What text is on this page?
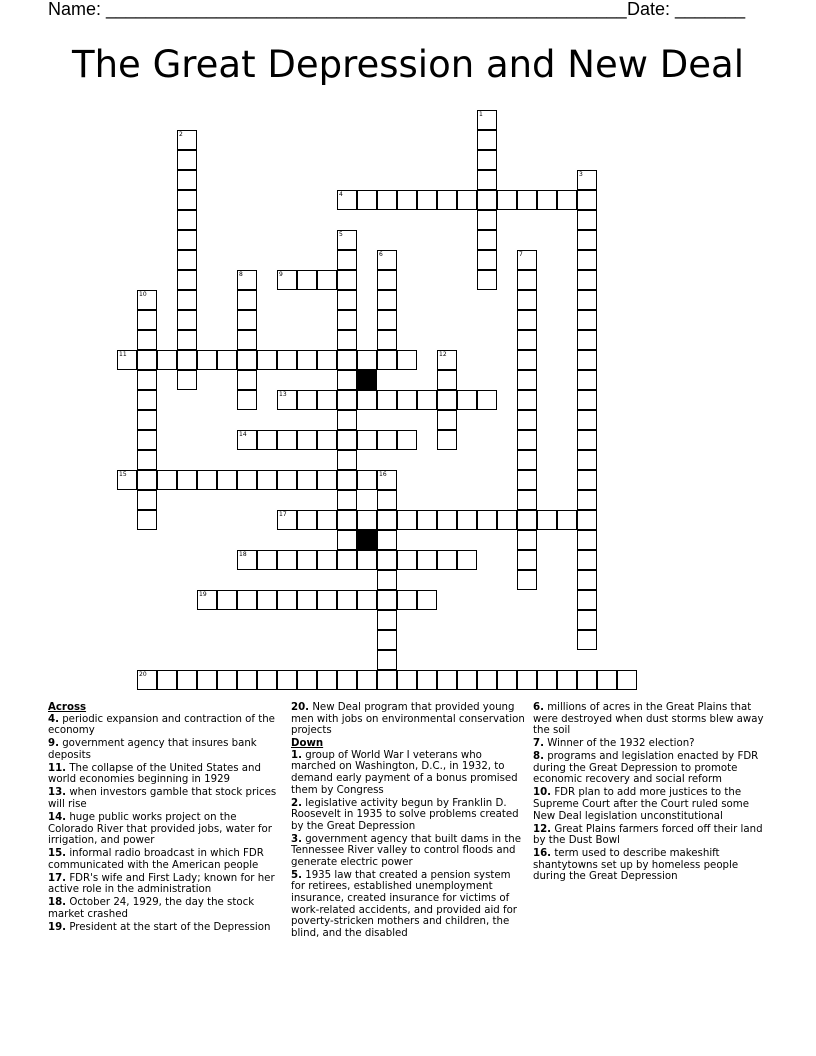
Name: ____________________________________________________ Date: _______
The Great Depression and New Deal
1
2
3
4
5
6	7
8	9
10
11	12
13
14
15	16
17
18
19
20
Across
4. periodic expansion and contraction of the economy
9. government agency that insures bank deposits
11. The collapse of the United States and world economies beginning in 1929
13. when investors gamble that stock prices will rise
14. huge public works project on the Colorado River that provided jobs, water for irrigation, and power
15. informal radio broadcast in which FDR communicated with the American people
17. FDR's wife and First Lady; known for her active role in the administration
18. October 24, 1929, the day the stock market crashed
19. President at the start of the Depression
20. New Deal program that provided young men with jobs on environmental conservation projects
Down
1. group of World War I veterans who marched on Washington, D.C., in 1932, to demand early payment of a bonus promised them by Congress
2. legislative activity begun by Franklin D. Roosevelt in 1935 to solve problems created by the Great Depression
3. government agency that built dams in the Tennessee River valley to control floods and generate electric power
5. 1935 law that created a pension system for retirees, established unemployment insurance, created insurance for victims of work-related accidents, and provided aid for poverty-stricken mothers and children, the blind, and the disabled
6. millions of acres in the Great Plains that were destroyed when dust storms blew away the soil
7. Winner of the 1932 election?
8. programs and legislation enacted by FDR during the Great Depression to promote economic recovery and social reform
10. FDR plan to add more justices to the Supreme Court after the Court ruled some New Deal legislation unconstitutional
12. Great Plains farmers forced off their land by the Dust Bowl
16. term used to describe makeshift shantytowns set up by homeless people during the Great Depression
